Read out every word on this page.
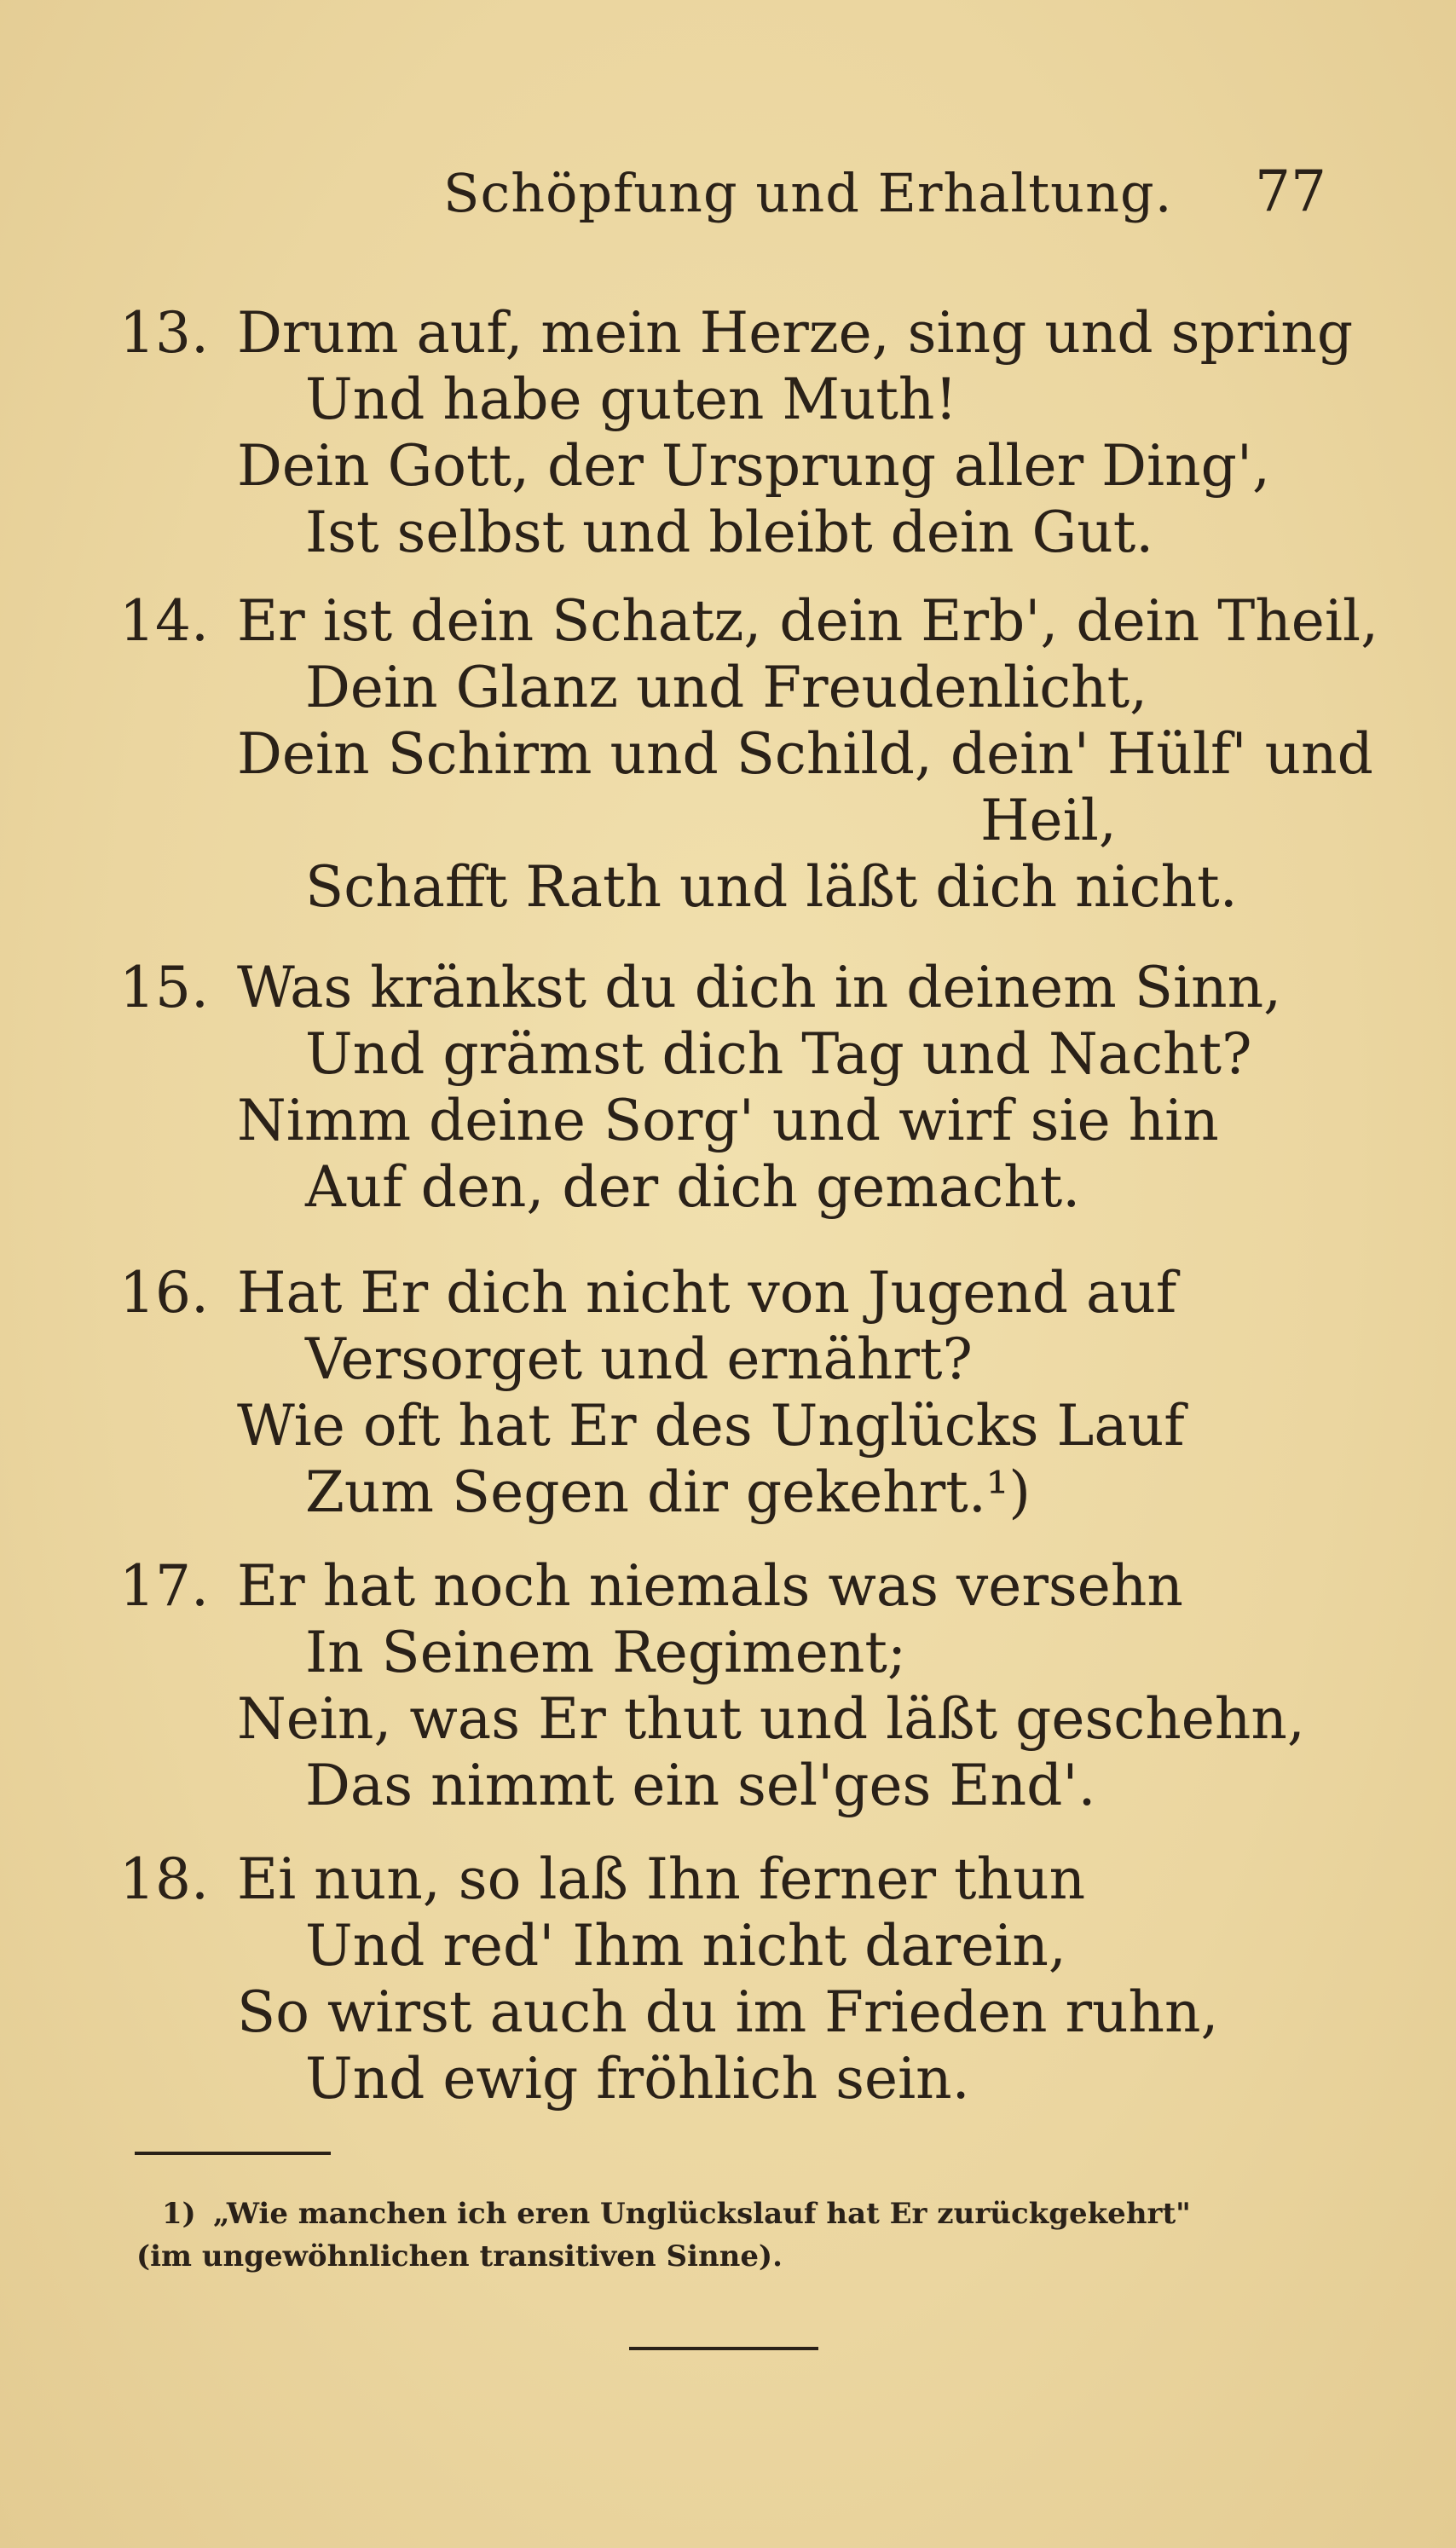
Schöpfung und Erhaltung. 77
13. Drum auf, mein Herze, sing und spring
Und habe guten Muth!
Dein Gott, der Ursprung aller Ding',
Ist selbst und bleibt dein Gut.
14. Er ist dein Schatz, dein Erb', dein Theil,
Dein Glanz und Freudenlicht,
Dein Schirm und Schild, dein' Hülf' und
Heil,
Schafft Rath und läßt dich nicht.
15. Was kränkst du dich in deinem Sinn,
Und grämst dich Tag und Nacht?
Nimm deine Sorg' und wirf sie hin
Auf den, der dich gemacht.
16. Hat Er dich nicht von Jugend auf
Versorget und ernährt?
Wie oft hat Er des Unglücks Lauf
Zum Segen dir gekehrt.¹)
17. Er hat noch niemals was versehn
In Seinem Regiment;
Nein, was Er thut und läßt geschehn,
Das nimmt ein sel'ges End'.
18. Ei nun, so laß Ihn ferner thun
Und red' Ihm nicht darein,
So wirst auch du im Frieden ruhn,
Und ewig fröhlich sein.
1) „Wie manchen ich eren Unglückslauf hat Er zurückgekehrt"
(im ungewöhnlichen transitiven Sinne).
